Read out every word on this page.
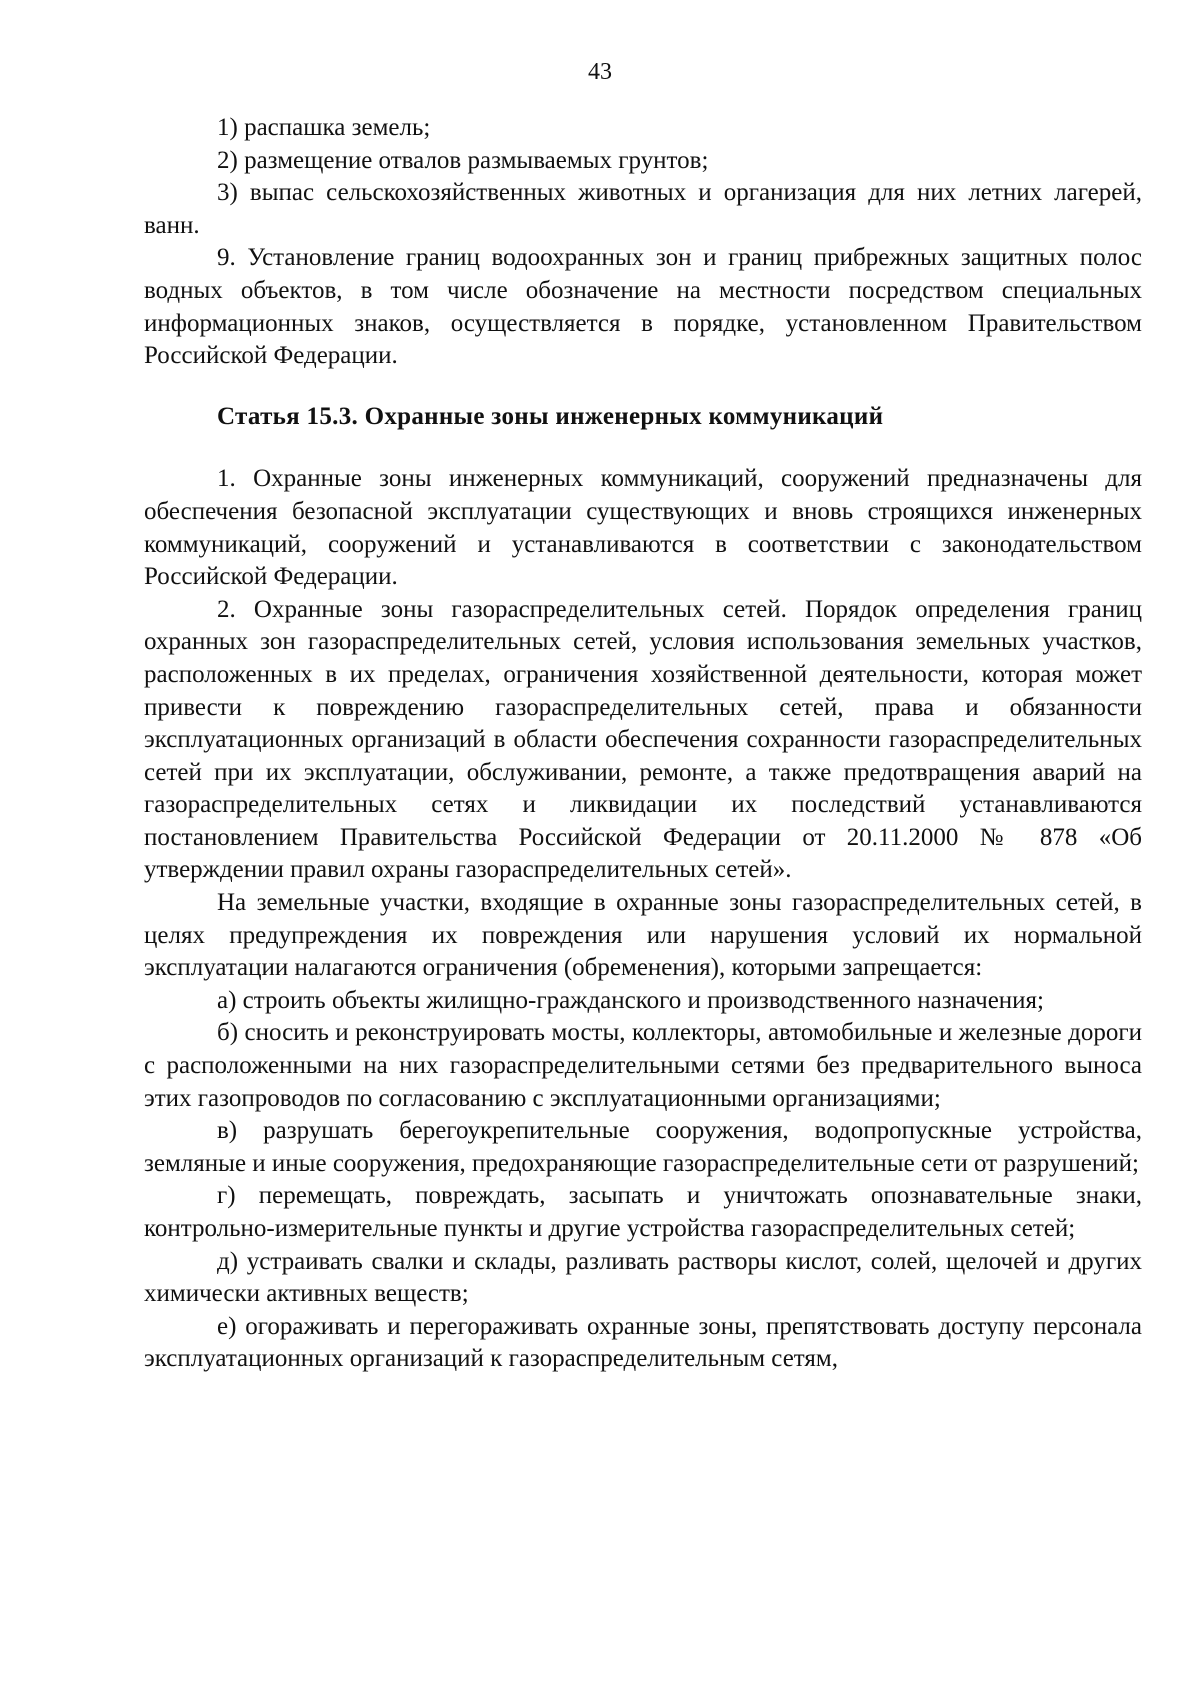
43

1) распашка земель;

2) размещение отвалов размываемых грунтов;

3) выпас сельскохозяйственных животных и организация для них летних лагерей, ванн.

9. Установление границ водоохранных зон и границ прибрежных защитных полос водных объектов, в том числе обозначение на местности посредством специальных информационных знаков, осуществляется в порядке, установленном Правительством Российской Федерации.

Статья 15.3. Охранные зоны инженерных коммуникаций

1. Охранные зоны инженерных коммуникаций, сооружений предназначены для обеспечения безопасной эксплуатации существующих и вновь строящихся инженерных коммуникаций, сооружений и устанавливаются в соответствии с законодательством Российской Федерации.

2. Охранные зоны газораспределительных сетей. Порядок определения границ охранных зон газораспределительных сетей, условия использования земельных участков, расположенных в их пределах, ограничения хозяйственной деятельности, которая может привести к повреждению газораспределительных сетей, права и обязанности эксплуатационных организаций в области обеспечения сохранности газораспределительных сетей при их эксплуатации, обслуживании, ремонте, а также предотвращения аварий на газораспределительных сетях и ликвидации их последствий устанавливаются постановлением Правительства Российской Федерации от 20.11.2000 № 878 «Об утверждении правил охраны газораспределительных сетей».

На земельные участки, входящие в охранные зоны газораспределительных сетей, в целях предупреждения их повреждения или нарушения условий их нормальной эксплуатации налагаются ограничения (обременения), которыми запрещается:

а) строить объекты жилищно-гражданского и производственного назначения;

б) сносить и реконструировать мосты, коллекторы, автомобильные и железные дороги с расположенными на них газораспределительными сетями без предварительного выноса этих газопроводов по согласованию с эксплуатационными организациями;

в) разрушать берегоукрепительные сооружения, водопропускные устройства, земляные и иные сооружения, предохраняющие газораспределительные сети от разрушений;

г) перемещать, повреждать, засыпать и уничтожать опознавательные знаки, контрольно-измерительные пункты и другие устройства газораспределительных сетей;

д) устраивать свалки и склады, разливать растворы кислот, солей, щелочей и других химически активных веществ;

е) огораживать и перегораживать охранные зоны, препятствовать доступу персонала эксплуатационных организаций к газораспределительным сетям,
